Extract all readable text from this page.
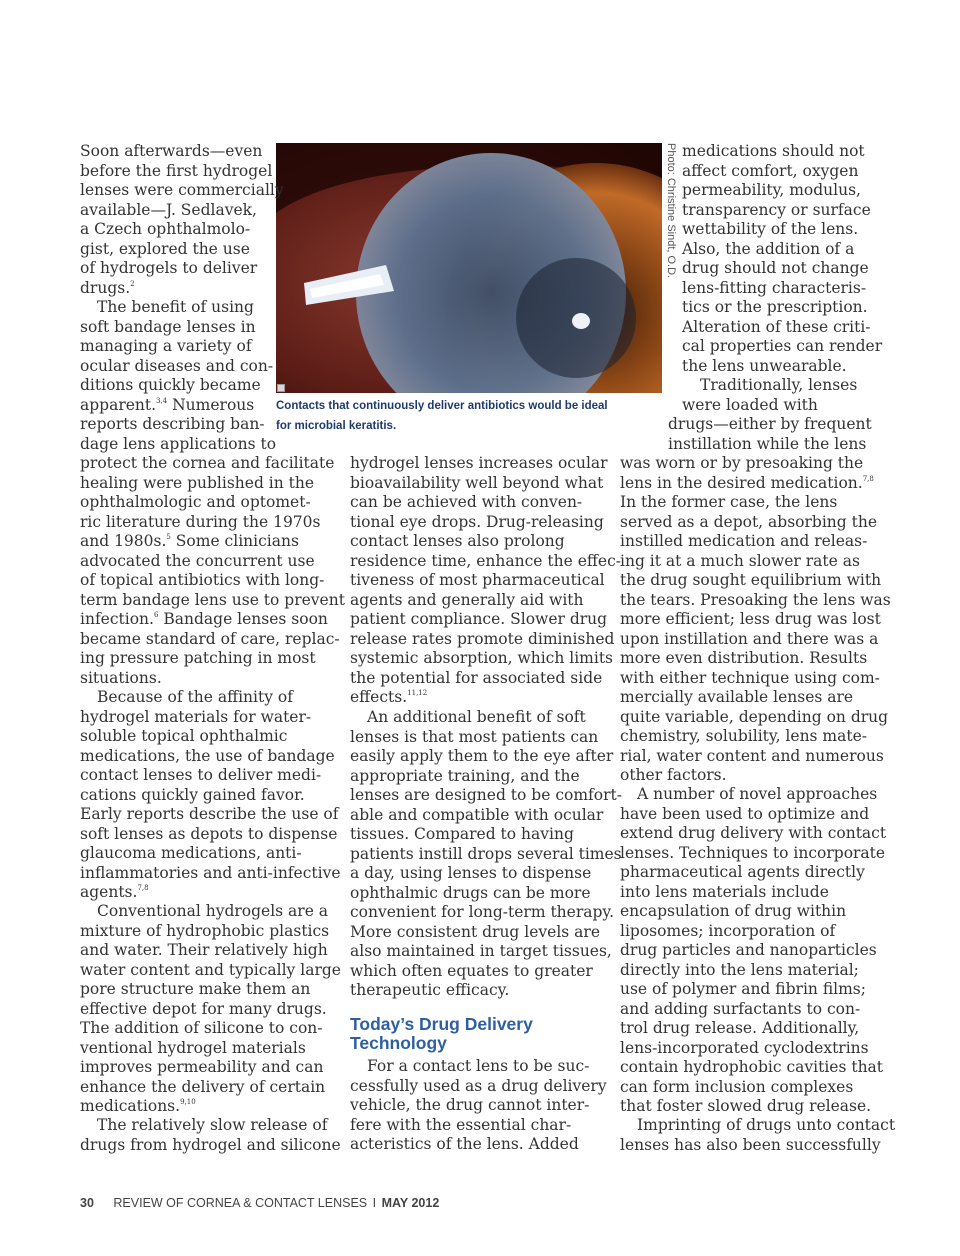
Photo: Christine Sindt, O.D.
Contacts that continuously deliver antibiotics would be ideal
for microbial keratitis.
Soon afterwards—even
before the first hydrogel
lenses were commercially
available—J. Sedlavek,
a Czech ophthalmolo-
gist, explored the use
of hydrogels to deliver
drugs.$^2$
The benefit of using
soft bandage lenses in
managing a variety of
ocular diseases and con-
ditions quickly became
apparent.$^{3,4}$ Numerous
reports describing ban-
dage lens applications to
protect the cornea and facilitate
healing were published in the
ophthalmologic and optomet-
ric literature during the 1970s
and 1980s.$^5$ Some clinicians
advocated the concurrent use
of topical antibiotics with long-
term bandage lens use to prevent
infection.$^6$ Bandage lenses soon
became standard of care, replac-
ing pressure patching in most
situations.
Because of the affinity of
hydrogel materials for water-
soluble topical ophthalmic
medications, the use of bandage
contact lenses to deliver medi-
cations quickly gained favor.
Early reports describe the use of
soft lenses as depots to dispense
glaucoma medications, anti-
inflammatories and anti-infective
agents.$^{7,8}$
Conventional hydrogels are a
mixture of hydrophobic plastics
and water. Their relatively high
water content and typically large
pore structure make them an
effective depot for many drugs.
The addition of silicone to con-
ventional hydrogel materials
improves permeability and can
enhance the delivery of certain
medications.$^{9,10}$
The relatively slow release of
drugs from hydrogel and silicone
hydrogel lenses increases ocular
bioavailability well beyond what
can be achieved with conven-
tional eye drops. Drug-releasing
contact lenses also prolong
residence time, enhance the effec-
tiveness of most pharmaceutical
agents and generally aid with
patient compliance. Slower drug
release rates promote diminished
systemic absorption, which limits
the potential for associated side
effects.$^{11,12}$
An additional benefit of soft
lenses is that most patients can
easily apply them to the eye after
appropriate training, and the
lenses are designed to be comfort-
able and compatible with ocular
tissues. Compared to having
patients instill drops several times
a day, using lenses to dispense
ophthalmic drugs can be more
convenient for long-term therapy.
More consistent drug levels are
also maintained in target tissues,
which often equates to greater
therapeutic efficacy.
Today’s Drug Delivery
Technology
For a contact lens to be suc-
cessfully used as a drug delivery
vehicle, the drug cannot inter-
fere with the essential char-
acteristics of the lens. Added
medications should not
affect comfort, oxygen
permeability, modulus,
transparency or surface
wettability of the lens.
Also, the addition of a
drug should not change
lens-fitting characteris-
tics or the prescription.
Alteration of these criti-
cal properties can render
the lens unwearable.
Traditionally, lenses
were loaded with
drugs—either by frequent
instillation while the lens
was worn or by presoaking the
lens in the desired medication.$^{7,8}$
In the former case, the lens
served as a depot, absorbing the
instilled medication and releas-
ing it at a much slower rate as
the drug sought equilibrium with
the tears. Presoaking the lens was
more efficient; less drug was lost
upon instillation and there was a
more even distribution. Results
with either technique using com-
mercially available lenses are
quite variable, depending on drug
chemistry, solubility, lens mate-
rial, water content and numerous
other factors.
A number of novel approaches
have been used to optimize and
extend drug delivery with contact
lenses. Techniques to incorporate
pharmaceutical agents directly
into lens materials include
encapsulation of drug within
liposomes; incorporation of
drug particles and nanoparticles
directly into the lens material;
use of polymer and fibrin films;
and adding surfactants to con-
trol drug release. Additionally,
lens-incorporated cyclodextrins
contain hydrophobic cavities that
can form inclusion complexes
that foster slowed drug release.
Imprinting of drugs unto contact
lenses has also been successfully
30 REVIEW OF CORNEA & CONTACT LENSES I MAY 2012
